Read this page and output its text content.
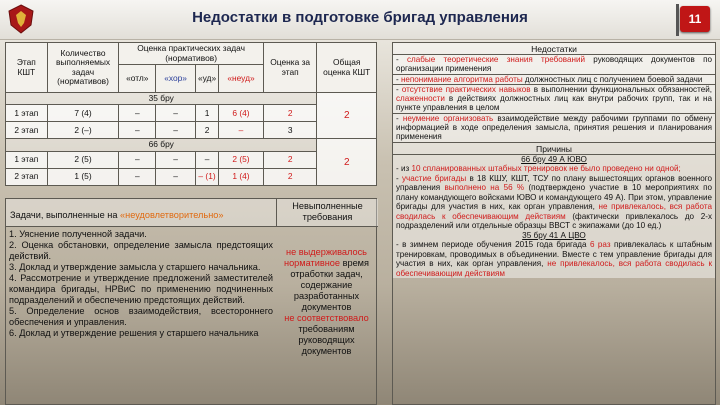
Недостатки в подготовке бригад управления	11
Этап КШТ	Количество выполняемых задач (нормативов)	Оценка практических задач (нормативов)				Оценка за этап	Общая оценка КШТ
		«отл»	«хор»	«уд»	«неуд»		
35 бру							2
1 этап	7 (4)	–	–	1	6 (4)	2	
2 этап	2 (–)	–	–	2	–	3	
66 бру							2
1 этап	2 (5)	–	–	–	2 (5)	2	
2 этап	1 (5)	–	–	– (1)	1 (4)	2	
Задачи, выполненные на «неудовлетворительно»
Невыполненные требования

1. Уяснение полученной задачи.

2. Оценка обстановки, определение замысла предстоящих действий.

3. Доклад и утверждение замысла у старшего начальника.

4. Рассмотрение и утверждение предложений заместителей командира бригады, НРВиС по применению подчиненных подразделений и обеспечению предстоящих действий.

5. Определение основ взаимодействия, всестороннего обеспечения и управления.

6. Доклад и утверждение решения у старшего начальника

не выдерживалось
нормативное время
отработки задач,
содержание
разработанных
документов
не соответствовало
требованиям
руководящих
документов
Недостатки
- слабые теоретические знания требований руководящих документов по организации применения
- непонимание алгоритма работы должностных лиц с получением боевой задачи
- отсутствие практических навыков в выполнении функциональных обязанностей, слаженности в действиях должностных лиц как внутри рабочих групп, так и на пункте управления в целом
- неумение организовать взаимодействие между рабочими группами по обмену информацией в ходе определения замысла, принятия решения и планирования применения
Причины
66 бру 49 А ЮВО
- из 10 спланированных штабных тренировок не было проведено ни одной;
- участие бригады в 18 КШУ, КШТ, ТСУ по плану вышестоящих органов военного управления выполнено на 56 % (подтверждено участие в 10 мероприятиях по плану командующего войсками ЮВО и командующего 49 А). При этом, управление бригады для участия в них, как орган управления, не привлекалось, вся работа сводилась к обеспечивающим действиям (фактически привлекалось до 2-х подразделений или отдельные образцы ВВСТ с экипажами (до 10 ед.)
35 бру 41 А ЦВО
- в зимнем периоде обучения 2015 года бригада 6 раз привлекалась к штабным тренировкам, проводимых в объединении. Вместе с тем управление бригады для участия в них, как орган управления, не привлекалось, вся работа сводилась к обеспечивающим действиям
